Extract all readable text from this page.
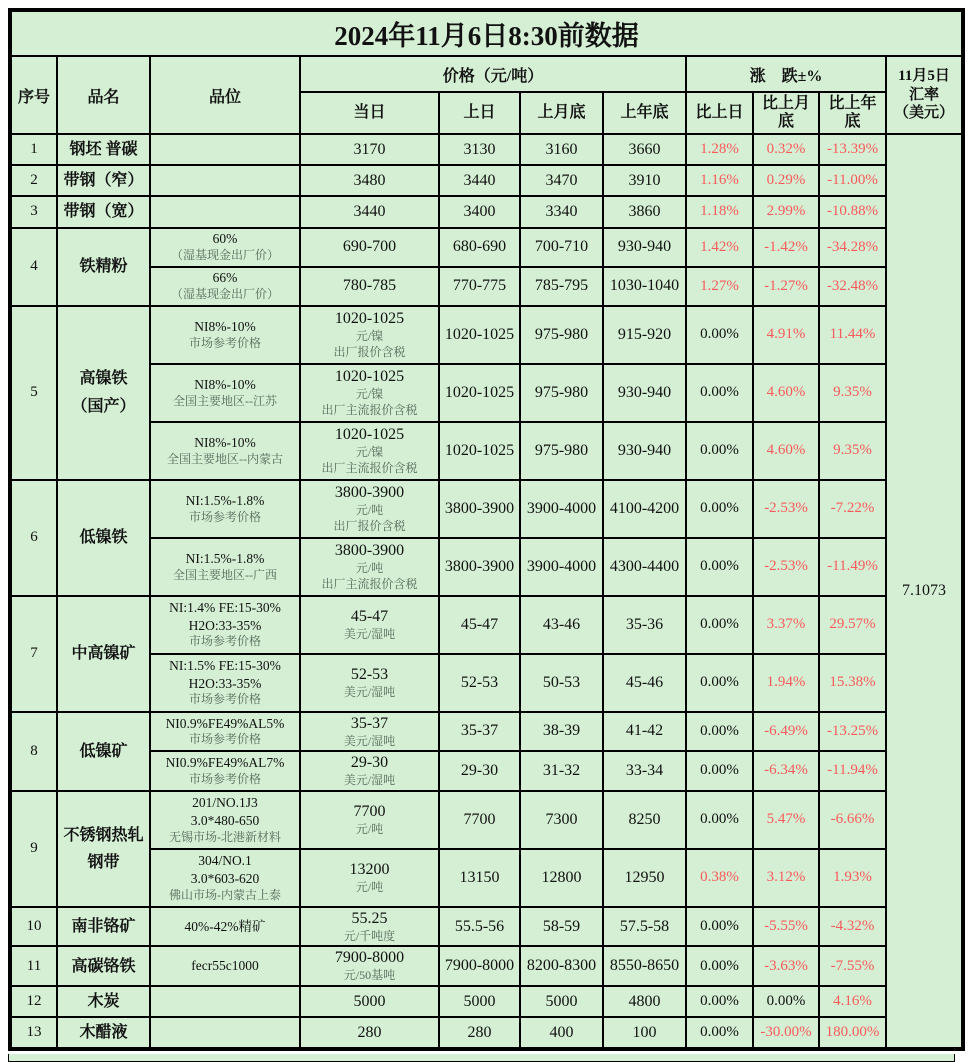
2024年11月6日8:30前数据										
序号	品名	品位	价格（元/吨）				涨　跌±%			11月5日
汇率
（美元）

			当日	上日	上月底	上年底	比上日	比上月底	比上年底	
1	钢坯 普碳		3170	3130	3160	3660	1.28%	0.32%	-13.39%	7.1073
2	带钢（窄）		3480	3440	3470	3910	1.16%	0.29%	-11.00%	
3	带钢（宽）		3440	3400	3340	3860	1.18%	2.99%	-10.88%	
4	铁精粉	60%
（湿基现金出厂价）	690-700	680-690	700-710	930-940	1.42%	-1.42%	-34.28%	

		66%
（湿基现金出厂价）	780-785	770-775	785-795	1030-1040	1.27%	-1.27%	-32.48%	
5	高镍铁
（国产）	NI8%-10%
市场参考价格	1020-1025
元/镍
出厂报价含税	1020-1025	975-980	915-920	0.00%	4.91%	11.44%	

		NI8%-10%
全国主要地区--江苏	1020-1025
元/镍
出厂主流报价含税	1020-1025	975-980	930-940	0.00%	4.60%	9.35%	

		NI8%-10%
全国主要地区--内蒙古	1020-1025
元/镍
出厂主流报价含税	1020-1025	975-980	930-940	0.00%	4.60%	9.35%	
6	低镍铁	NI:1.5%-1.8%
市场参考价格	3800-3900
元/吨
出厂报价含税	3800-3900	3900-4000	4100-4200	0.00%	-2.53%	-7.22%	

		NI:1.5%-1.8%
全国主要地区--广西	3800-3900
元/吨
出厂主流报价含税	3800-3900	3900-4000	4300-4400	0.00%	-2.53%	-11.49%	
7	中高镍矿	NI:1.4% FE:15-30%
H2O:33-35%
市场参考价格	45-47
美元/湿吨	45-47	43-46	35-36	0.00%	3.37%	29.57%	

		NI:1.5% FE:15-30%
H2O:33-35%
市场参考价格	52-53
美元/湿吨	52-53	50-53	45-46	0.00%	1.94%	15.38%	
8	低镍矿	NI0.9%FE49%AL5%
市场参考价格	35-37
美元/湿吨	35-37	38-39	41-42	0.00%	-6.49%	-13.25%	

		NI0.9%FE49%AL7%
市场参考价格	29-30
美元/湿吨	29-30	31-32	33-34	0.00%	-6.34%	-11.94%	
9	不锈钢热轧
钢带	201/NO.1J3
3.0*480-650
无锡市场-北港新材料	7700
元/吨	7700	7300	8250	0.00%	5.47%	-6.66%	

		304/NO.1
3.0*603-620
佛山市场-内蒙古上泰	13200
元/吨	13150	12800	12950	0.38%	3.12%	1.93%	
10	南非铬矿	40%-42%精矿	55.25
元/千吨度	55.5-56	58-59	57.5-58	0.00%	-5.55%	-4.32%	
11	高碳铬铁	fecr55c1000	7900-8000
元/50基吨	7900-8000	8200-8300	8550-8650	0.00%	-3.63%	-7.55%	
12	木炭		5000	5000	5000	4800	0.00%	0.00%	4.16%	
13	木醋液		280	280	400	100	0.00%	-30.00%	180.00%	
